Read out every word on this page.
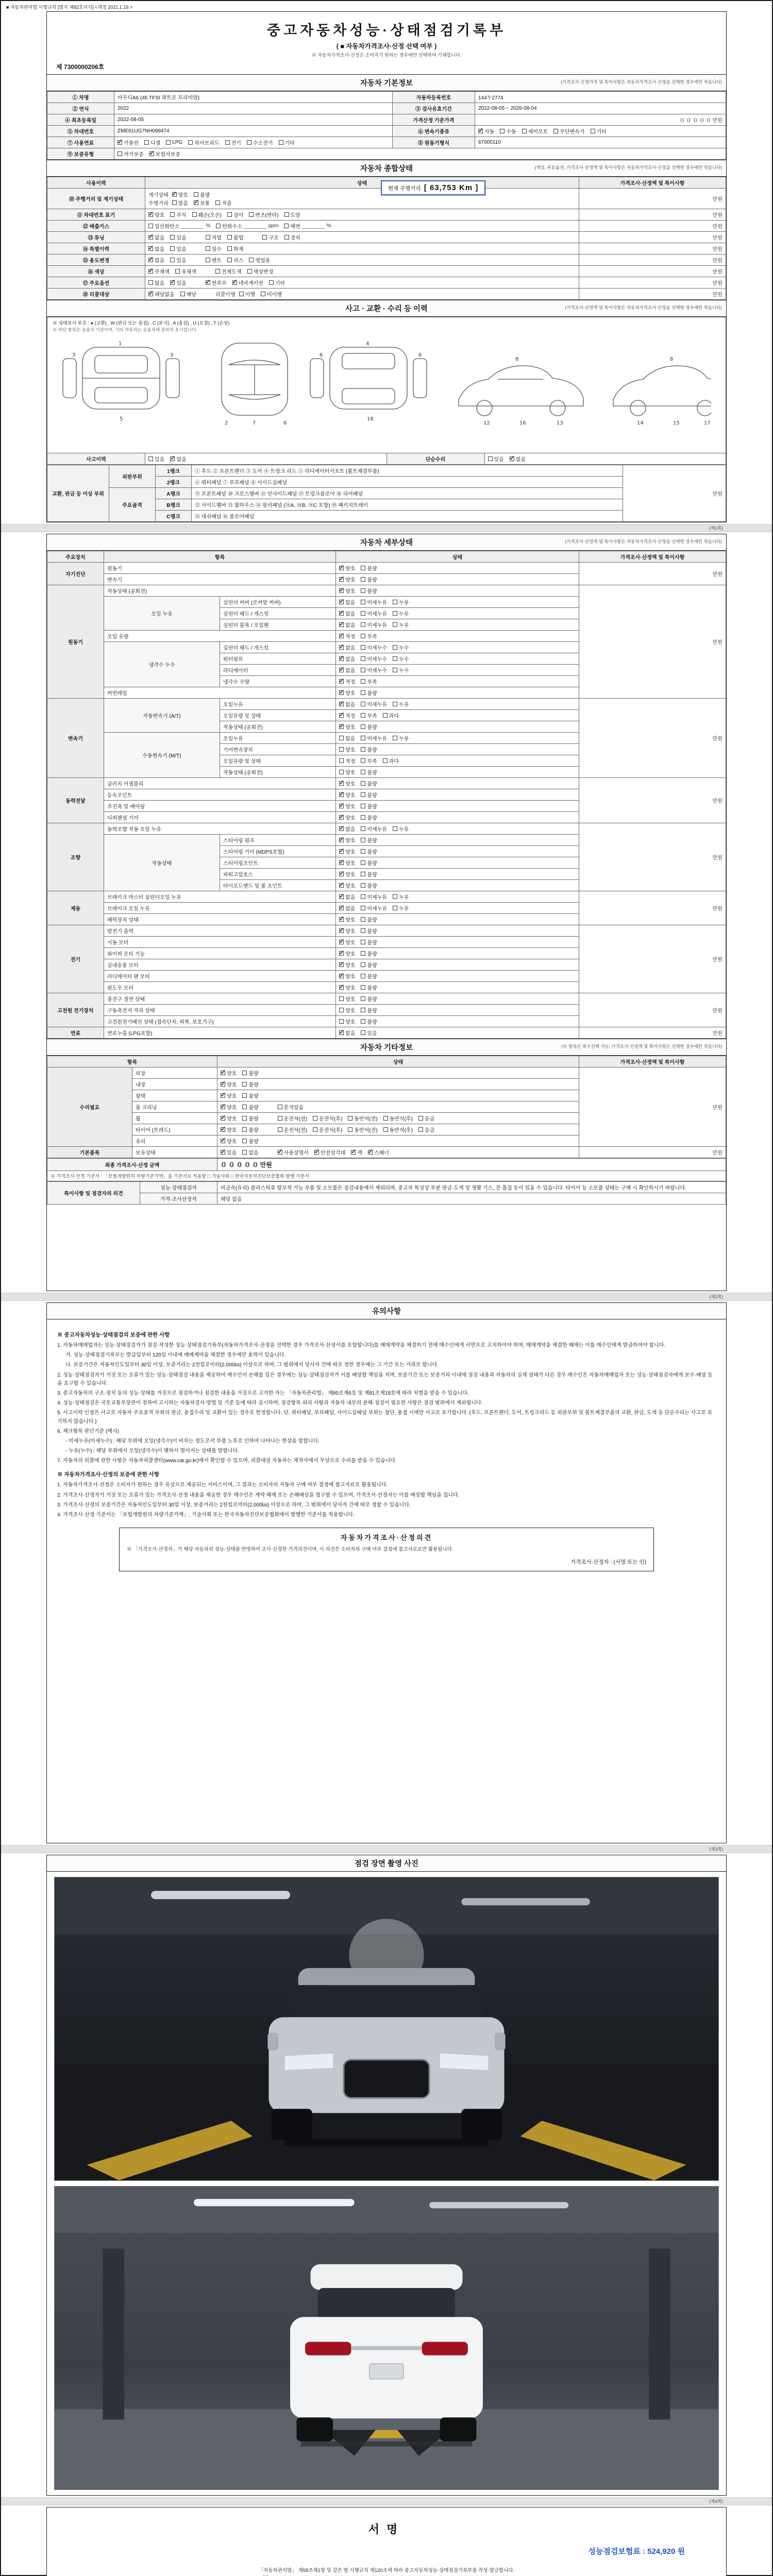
■ 자동차관리법 시행규칙 [별지 제82호서식] <개정 2021.1.19.>
중고자동차성능·상태점검기록부
( ■ 자동차가격조사·산정 선택 여부 )
※ 자동차가격조사·산정은 소비자가 원하는 경우에만 선택하여 기재합니다.
제 7300000206호
자동차 기본정보	(가격조사·산정가격 및 특이사항은 자동차가격조사·산정을 선택한 경우에만 적습니다)
① 차명	아우디A6 (45 TFSI 콰트로 프리미엄)	자동차등록번호	144누2774
② 연식	2022	③ 검사유효기간	2022-08-05 ~ 2026-08-04
④ 최초등록일	2022-08-05	가격산정 기준가격	０ ０ ０ ０ ０ 만원
⑤ 차대번호	ZME61UG7NH099474	⑥ 변속기종류	
✓자동 수동 세미오토 무단변속기 기타
⑦ 사용연료	
✓가솔린 디젤 LPG 하이브리드 전기 수소전기 기타	⑧ 원동기형식	67000110
⑨ 보증유형	자가보증 ✓ 보험사보증
자동차 종합상태	(색상, 주요옵션, 가격조사·산정액 및 특이사항은 자동차가격조사·산정을 선택한 경우에만 적습니다)
현재 주행거리 [ 63,753 Km ]
사용이력	상태	가격조사·산정액 및 특이사항
⑩ 주행거리 및 계기상태	
계기상태 ✓ 양호 불량
주행거리 많음 ✓ 보통 적음
	만원
⑪ 차대번호 표기	
✓양호 부식 훼손(오손) 상이 변조(변타) 도말	만원
⑫ 배출가스	일산화탄소	% 탄화수소	ppm 매연	%	만원
⑬ 튜닝	
✓없음 있음	적법 불법	구조 장치	만원
⑭ 특별이력	
✓없음 있음 침수 화재	만원
⑮ 용도변경	
✓없음 있음 렌트 리스 영업용	만원
⑯ 색상	
✓무채색 유채색 전체도색 색상변경	만원
⑰ 주요옵션	없음 ✓ 있음 ✓ 썬루프 ✓ 네비게이션 기타	만원
⑱ 리콜대상	
✓해당없음 해당 리콜이행 이행 미이행	만원
사고 · 교환 · 수리 등 이력	(가격조사·산정액 및 특이사항은 자동차가격조사·산정을 선택한 경우에만 적습니다)
※ 상태표시 부호 : ● (교환) , W (판금 또는 용접) , C (부식) , A (흠집) , U (요철) , T (손상)
※ 하단 항목은 승용차 기준이며, 기타 자동차는 승용차에 준하여 표시합니다.
1
3	3
5
7
2	6
4
6	6
18
12	16	13	14	15	17
8	8
사고이력	있음 ✓ 없음	단순수리	있음 ✓ 없음
교환, 판금 등 이상 부위	외판부위	1랭크	① 후드 ② 프론트펜더 ③ 도어 ④ 트렁크 리드 ⑤ 라디에이터서포트 (볼트체결부품)	만원
		2랭크	⑥ 쿼터패널 ⑦ 루프패널 ⑧ 사이드실패널	
	주요골격	A랭크	⑨ 프론트패널 ⑩ 크로스멤버 ⑪ 인사이드패널 ⑰ 트렁크플로어 ⑱ 리어패널	
		B랭크	⑫ 사이드멤버 ⑬ 휠하우스 ⑭ 필러패널 (⑭A, ⑭B, ⑭C 포함) ⑲ 패키지트레이	
		C랭크	⑮ 대쉬패널 ⑯ 플로어패널	
(제1쪽)
자동차 세부상태	(가격조사·산정액 및 특이사항은 자동차가격조사·산정을 선택한 경우에만 적습니다)
주요장치	항목		상태	가격조사·산정액 및 특이사항
자기진단	원동기	
✓양호 불량	만원
	변속기	
✓양호 불량
원동기	작동상태 (공회전)	
✓양호 불량	만원
	오일 누유	실린더 커버 (로커암 커버)	
✓없음 미세누유 누유
		실린더 헤드 / 개스킷	
✓없음 미세누유 누유
		실린더 블록 / 오일팬	
✓없음 미세누유 누유
	오일 유량	
✓적정 부족
	냉각수 누수	실린더 헤드 / 개스킷	
✓없음 미세누수 누수
		워터펌프	
✓없음 미세누수 누수
		라디에이터	
✓없음 미세누수 누수
		냉각수 수량	
✓적정 부족
	커먼레일	
✓양호 불량
변속기	자동변속기 (A/T)	오일누유	
✓없음 미세누유 누유	만원
		오일유량 및 상태	
✓적정 부족 과다
		작동상태 (공회전)	
✓양호 불량
	수동변속기 (M/T)	오일누유	없음 미세누유 누유	
		기어변속장치	양호 불량	
		오일유량 및 상태	적정 부족 과다	
		작동상태 (공회전)	양호 불량	
동력전달	클러치 어셈블리	
✓양호 불량	만원
	등속조인트	
✓양호 불량
	추진축 및 베어링	
✓양호 불량
	디퍼렌셜 기어	
✓양호 불량
조향	동력조향 작동 오일 누유	
✓없음 미세누유 누유	만원
	작동상태	스티어링 펌프	
✓양호 불량
		스티어링 기어 (MDPS포함)	
✓양호 불량
		스티어링조인트	
✓양호 불량
		파워고압호스	
✓양호 불량
		타이로드엔드 및 볼 조인트	
✓양호 불량
제동	브레이크 마스터 실린더오일 누유	
✓없음 미세누유 누유	만원
	브레이크 오일 누유	
✓없음 미세누유 누유
	배력장치 상태	
✓양호 불량
전기	발전기 출력	
✓양호 불량	만원
	시동 모터	
✓양호 불량
	와이퍼 모터 기능	
✓양호 불량
	실내송풍 모터	
✓양호 불량
	라디에이터 팬 모터	
✓양호 불량
	윈도우 모터	
✓양호 불량
고전원 전기장치	충전구 절연 상태		양호 불량	만원
	구동축전지 격리 상태		양호 불량	
	고전원전기배선 상태 (접속단자, 피복, 보호기구)		양호 불량	
연료	연료누출 (LPG포함)	
✓없음 있음	만원
자동차 기타정보	(※ 항목은 복수선택 가능, 가격조사·산정액 및 특이사항은 선택한 경우에만 적습니다)
항목		상태	가격조사·산정액 및 특이사항
수리필요	외장	
✓양호 불량	만원
	내장	
✓양호 불량
	광택	
✓양호 불량
	룸 크리닝	
✓양호 불량 흔적있음
휠	
✓양호 불량	운전석(전) 운전석(후) 동반석(전) 동반석(후) 응급
타이어 (트레드)	
✓양호 불량	운전석(전) 운전석(후) 동반석(전) 동반석(후) 응급
	유리	
✓양호 불량
기본품목	보유상태	
✓있음 없음 ✓	사용설명서 ✓ 안전삼각대 ✓ 잭 ✓ 스패너	만원
최종 가격조사·산정 금액	０ ０ ０ ０ ０ 만원
※ 가격조사·산정 기준서 : 「보험개발원의 차량기준가액」을 기준서로 적용함 □ 기술사회 □ 한국자동차진단보증협회 발행 기준서
특이사항 및 점검자의 의견	성능·상태점검자	비금속(유리)·플라스틱류 탈부착 가능 부품 및 소모품은 점검내용에서 제외되며, 중고차 특성상 부분 판금·도색 및 생활 기스, 잔 흠집 등이 있을 수 있습니다. 타이어 등 소모품 상태는 구매 시 확인하시기 바랍니다.
	가격·조사산정자	해당 없음
(제2쪽)
유의사항
※ 중고자동차성능·상태점검의 보증에 관한 사항
1. 자동차매매업자는 성능·상태점검자가 점검·작성한 성능·상태점검기록부(자동차가격조사·산정을 선택한 경우 가격조사·산정서를 포함합니다)를 매매계약을 체결하기 전에 매수인에게 서면으로 고지하여야 하며, 매매계약을 체결한 때에는 이를 매수인에게 발급하여야 합니다.
가. 성능·상태점검기록부는 발급일부터 120일 이내에 매매계약을 체결한 경우에만 효력이 있습니다.
나. 보증기간은 자동차인도일부터 30일 이상, 보증거리는 2천킬로미터(2,000㎞) 이상으로 하며, 그 범위에서 당사자 간에 따로 정한 경우에는 그 기간 또는 거리로 합니다.
2. 성능·상태점검자가 거짓 또는 오류가 있는 성능·상태점검 내용을 제공하여 매수인이 손해를 입은 경우에는 성능·상태점검자가 이를 배상할 책임을 지며, 보증기간 또는 보증거리 이내에 점검 내용과 자동차의 실제 상태가 다른 경우 매수인은 자동차매매업자 또는 성능·상태점검자에게 보수·배상 등을 요구할 수 있습니다.
3. 중고자동차의 구조·장치 등의 성능·상태를 거짓으로 점검하거나 점검한 내용을 거짓으로 고지한 자는 「자동차관리법」 제80조제6호 및 제81조제19호에 따라 처벌을 받을 수 있습니다.
4. 성능·상태점검은 국토교통부장관이 정하여 고시하는 자동차검사 방법 및 기준 등에 따라 실시하며, 점검항목 외의 사항과 자동차 내부의 분해·점검이 필요한 사항은 점검 범위에서 제외됩니다.
5. 사고이력 인정은 사고로 자동차 주요골격 부위의 판금, 용접수리 및 교환이 있는 경우로 한정합니다. 단, 쿼터패널, 루프패널, 사이드실패널 부위는 절단, 용접 시에만 사고로 표기합니다. (후드, 프론트펜더, 도어, 트렁크리드 등 외판부위 및 볼트체결부품의 교환, 판금, 도색 등 단순수리는 사고로 표기하지 않습니다.)
6. 체크항목 판단기준 (예시)
- 미세누유(미세누수) : 해당 부위에 오일(냉각수)이 비치는 정도로서 부품 노후로 인하여 나타나는 현상을 말합니다.
- 누유(누수) : 해당 부위에서 오일(냉각수)이 맺혀서 떨어지는 상태를 말합니다.
7. 자동차의 리콜에 관한 사항은 자동차리콜센터(www.car.go.kr)에서 확인할 수 있으며, 리콜대상 자동차는 제작사에서 무상으로 수리를 받을 수 있습니다.
※ 자동차가격조사·산정의 보증에 관한 사항
1. 자동차가격조사·산정은 소비자가 원하는 경우 유상으로 제공되는 서비스이며, 그 결과는 소비자의 자동차 구매 여부 결정에 참고자료로 활용됩니다.
2. 가격조사·산정자가 거짓 또는 오류가 있는 가격조사·산정 내용을 제공한 경우 매수인은 계약 해제 또는 손해배상을 청구할 수 있으며, 가격조사·산정자는 이를 배상할 책임을 집니다.
3. 가격조사·산정의 보증기간은 자동차인도일부터 30일 이상, 보증거리는 2천킬로미터(2,000㎞) 이상으로 하며, 그 범위에서 당사자 간에 따로 정할 수 있습니다.
4. 가격조사·산정 기준서는 「보험개발원의 차량기준가액」, 기술사회 또는 한국자동차진단보증협회에서 발행한 기준서를 적용합니다.
자동차가격조사·산정의견
※ 「가격조사·산정자」가 해당 자동차의 성능·상태를 반영하여 조사·산정한 가격의견이며, 이 의견은 소비자의 구매 여부 결정에 참고자료로만 활용됩니다.
가격조사·산정자 : (서명 또는 인)
(제3쪽)
점검 장면 촬영 사진
(제4쪽)
서명
성능점검보험료 : 524,920 원
「자동차관리법」 제58조제1항 및 같은 법 시행규칙 제120조에 따라 중고자동차성능·상태점검기록부를 작성·발급합니다.
